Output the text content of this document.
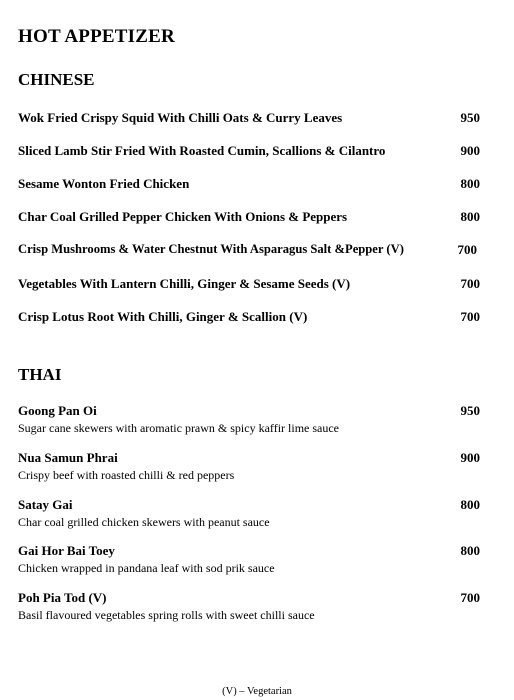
HOT APPETIZER
CHINESE
Wok Fried Crispy Squid With Chilli Oats & Curry Leaves	950
Sliced Lamb Stir Fried With Roasted Cumin, Scallions & Cilantro	900
Sesame Wonton Fried Chicken	800
Char Coal Grilled Pepper Chicken With Onions & Peppers	800
Crisp Mushrooms & Water Chestnut With Asparagus Salt &Pepper (V)	700
Vegetables With Lantern Chilli, Ginger & Sesame Seeds (V)	700
Crisp Lotus Root With Chilli, Ginger & Scallion (V)	700
THAI
Goong Pan Oi	950
Sugar cane skewers with aromatic prawn & spicy kaffir lime sauce
Nua Samun Phrai	900
Crispy beef with roasted chilli & red peppers
Satay Gai	800
Char coal grilled chicken skewers with peanut sauce
Gai Hor Bai Toey	800
Chicken wrapped in pandana leaf with sod prik sauce
Poh Pia Tod (V)	700
Basil flavoured vegetables spring rolls with sweet chilli sauce
(V) – Vegetarian
